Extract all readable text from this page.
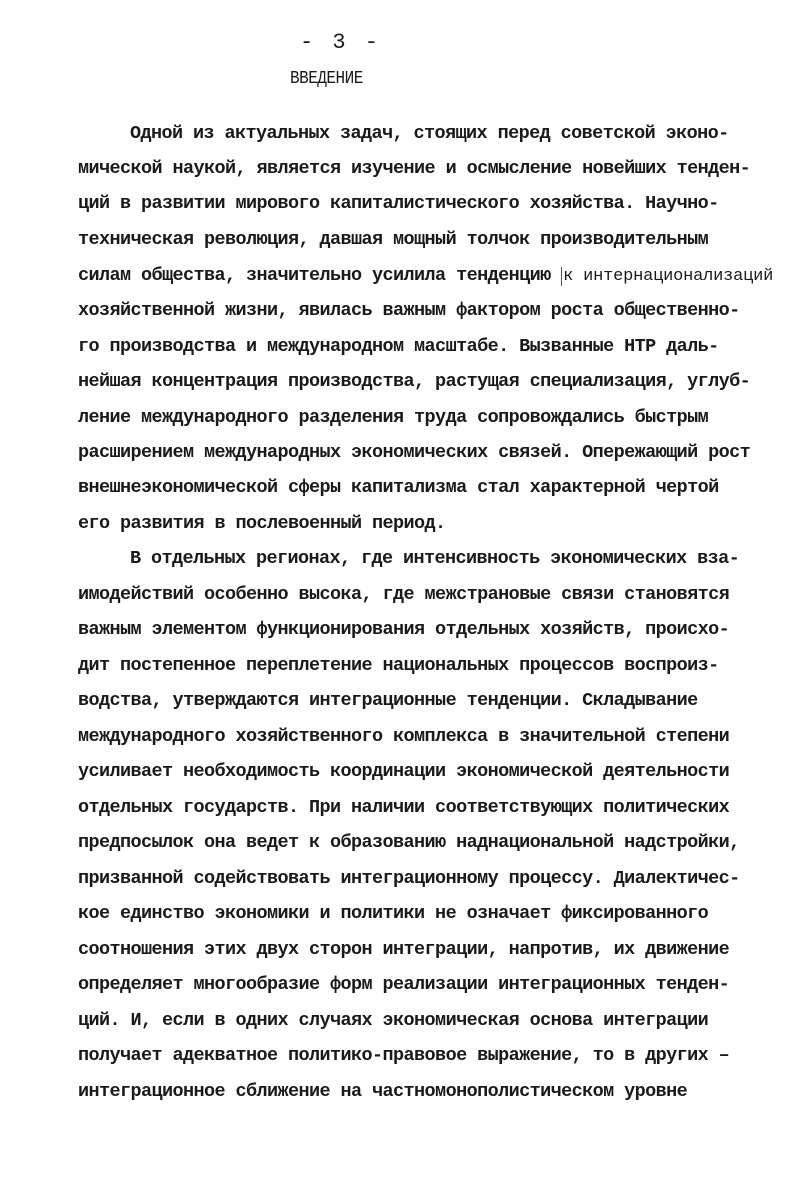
- 3 -
ВВЕДЕНИЕ
Одной из актуальных задач, стоящих перед советской эконо-
мической наукой, является изучение и осмысление новейших тенден-
ций в развитии мирового капиталистического хозяйства. Научно-
техническая революция, давшая мощный толчок производительным
силам общества, значительно усилила тенденцию к интернационализаций
хозяйственной жизни, явилась важным фактором роста общественно-
го производства и международном масштабе. Вызванные НТР даль-
нейшая концентрация производства, растущая специализация, углуб-
ление международного разделения труда сопровождались быстрым
расширением международных экономических связей. Опережающий рост
внешнеэкономической сферы капитализма стал характерной чертой
его развития в послевоенный период.
В отдельных регионах, где интенсивность экономических вза-
имодействий особенно высока, где межстрановые связи становятся
важным элементом функционирования отдельных хозяйств, происхо-
дит постепенное переплетение национальных процессов воспроиз-
водства, утверждаются интеграционные тенденции. Складывание
международного хозяйственного комплекса в значительной степени
усиливает необходимость координации экономической деятельности
отдельных государств. При наличии соответствующих политических
предпосылок она ведет к образованию наднациональной надстройки,
призванной содействовать интеграционному процессу. Диалектичес-
кое единство экономики и политики не означает фиксированного
соотношения этих двух сторон интеграции, напротив, их движение
определяет многообразие форм реализации интеграционных тенден-
ций. И, если в одних случаях экономическая основа интеграции
получает адекватное политико-правовое выражение, то в других –
интеграционное сближение на частномонополистическом уровне
